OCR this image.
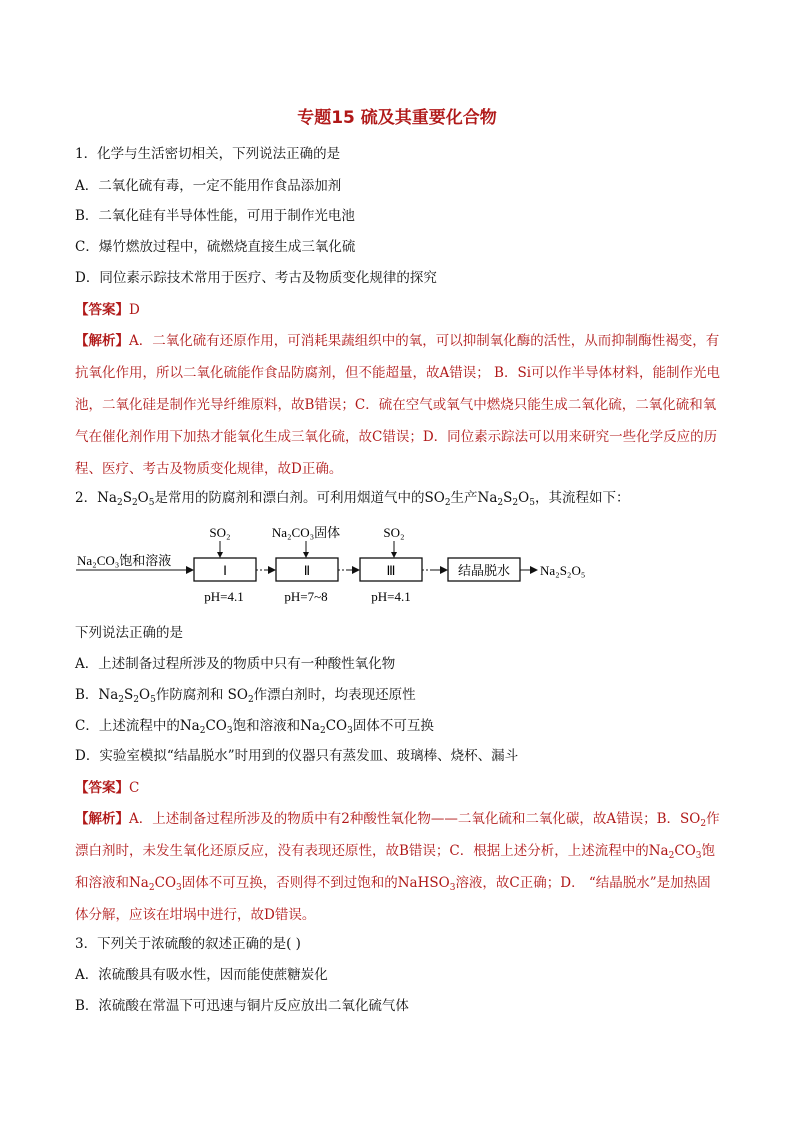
专题15 硫及其重要化合物
1．化学与生活密切相关，下列说法正确的是
A．二氧化硫有毒，一定不能用作食品添加剂
B．二氧化硅有半导体性能，可用于制作光电池
C．爆竹燃放过程中，硫燃烧直接生成三氧化硫
D．同位素示踪技术常用于医疗、考古及物质变化规律的探究
【答案】D
【解析】A．二氧化硫有还原作用，可消耗果蔬组织中的氧，可以抑制氧化酶的活性，从而抑制酶性褐变，有抗氧化作用，所以二氧化硫能作食品防腐剂，但不能超量，故A错误； B．Si可以作半导体材料，能制作光电池，二氧化硅是制作光导纤维原料，故B错误；C．硫在空气或氧气中燃烧只能生成二氧化硫，二氧化硫和氧气在催化剂作用下加热才能氧化生成三氧化硫，故C错误；D．同位素示踪法可以用来研究一些化学反应的历程、医疗、考古及物质变化规律，故D正确。
2．$Na_2S_2O_5$是常用的防腐剂和漂白剂。可利用烟道气中的$SO_2$生产$Na_2S_2O_5$，其流程如下：
Na₂CO₃饱和溶液
Ⅰ
SO₂
pH=4.1
Ⅱ
Na₂CO₃固体
pH=7~8
Ⅲ
SO₂
pH=4.1
结晶脱水 Na₂S₂O₅
下列说法正确的是
A．上述制备过程所涉及的物质中只有一种酸性氧化物
B．$Na_2S_2O_5$作防腐剂和 $SO_2$作漂白剂时，均表现还原性
C．上述流程中的$Na_2CO_3$饱和溶液和$Na_2CO_3$固体不可互换
D．实验室模拟“结晶脱水”时用到的仪器只有蒸发皿、玻璃棒、烧杯、漏斗
【答案】C
【解析】A．上述制备过程所涉及的物质中有2种酸性氧化物——二氧化硫和二氧化碳，故A错误；B．$SO_2$作漂白剂时，未发生氧化还原反应，没有表现还原性，故B错误；C．根据上述分析，上述流程中的$Na_2CO_3$饱和溶液和$Na_2CO_3$固体不可互换，否则得不到过饱和的NaHSO$_3$溶液，故C正确；D． “结晶脱水”是加热固体分解，应该在坩埚中进行，故D错误。
3．下列关于浓硫酸的叙述正确的是( )
A．浓硫酸具有吸水性，因而能使蔗糖炭化
B．浓硫酸在常温下可迅速与铜片反应放出二氧化硫气体
